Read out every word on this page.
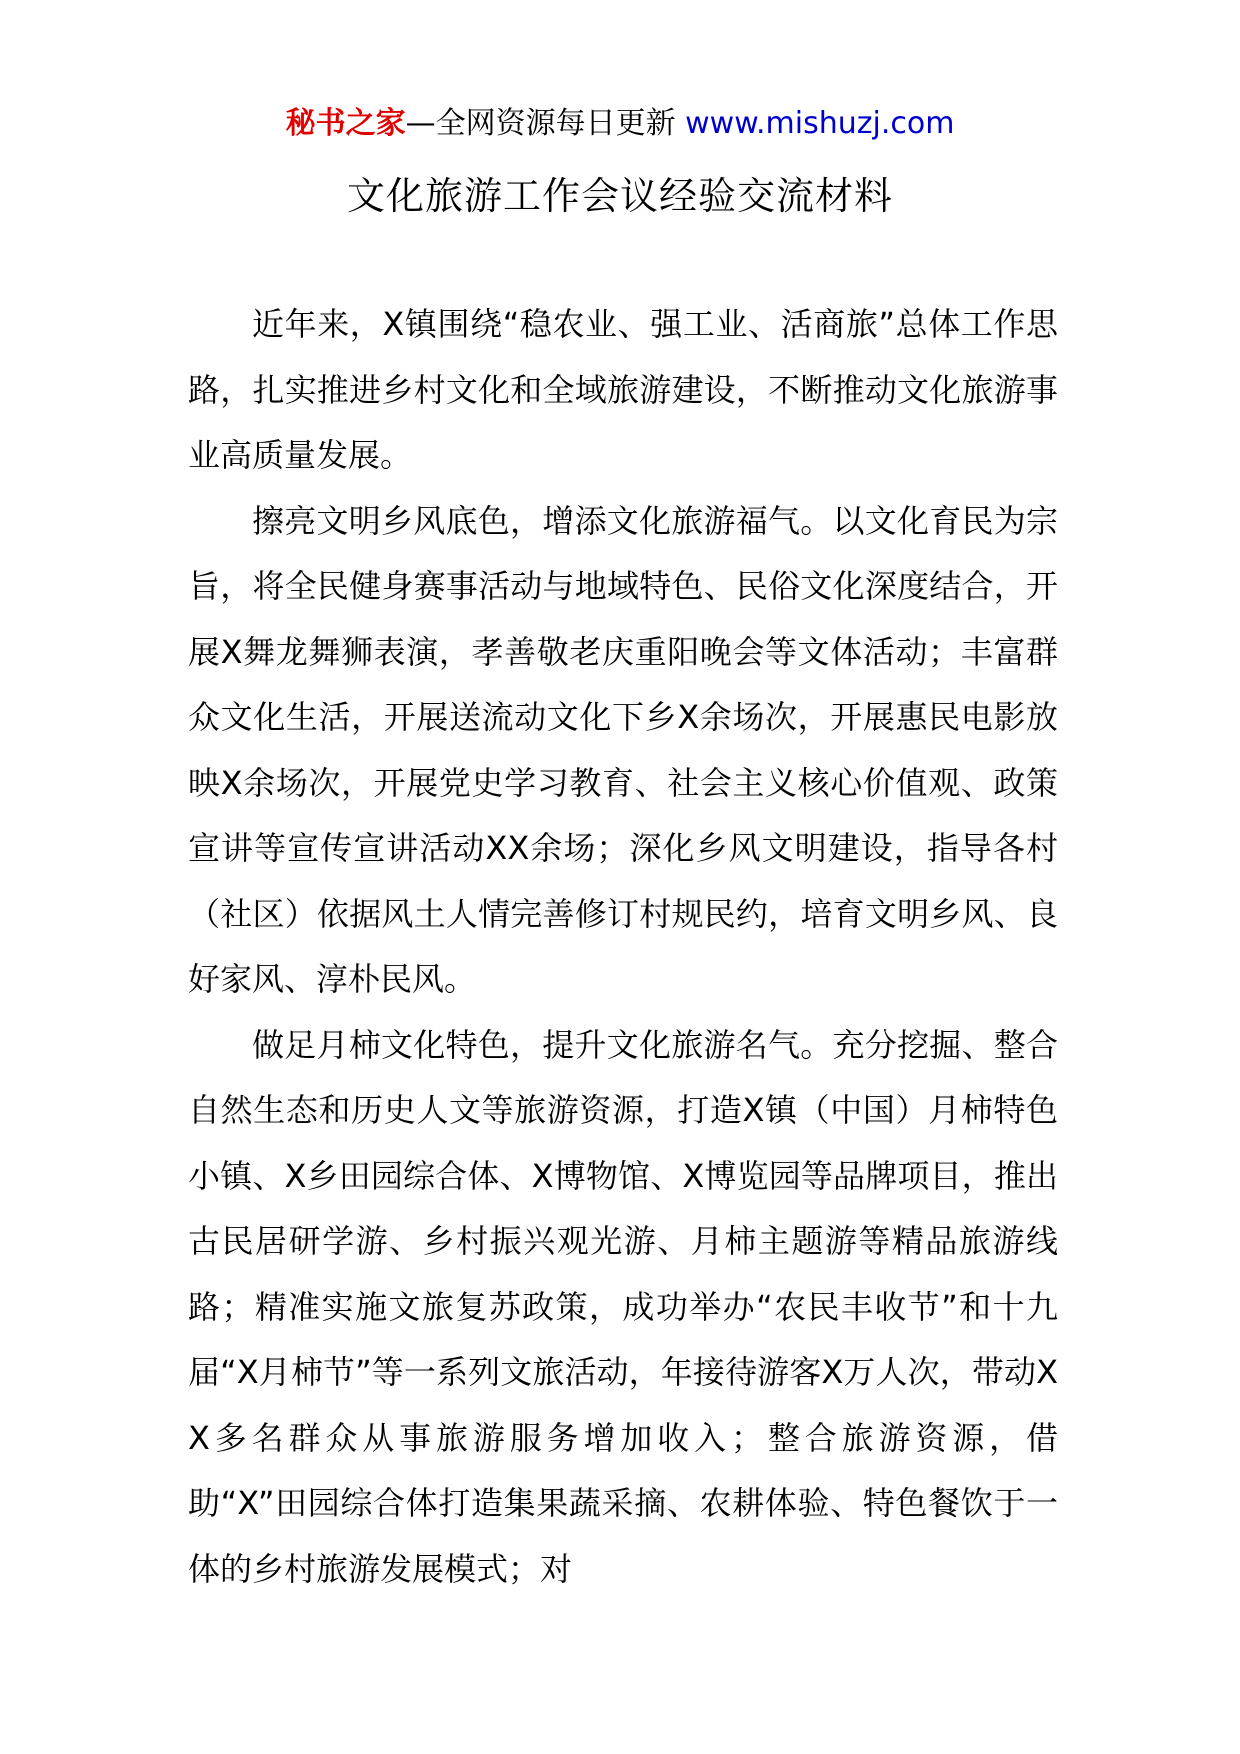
秘书之家—全网资源每日更新 www.mishuzj.com
文化旅游工作会议经验交流材料

近年来，X镇围绕“稳农业、强工业、活商旅”总体工作思路，扎实推进乡村文化和全域旅游建设，不断推动文化旅游事业高质量发展。

擦亮文明乡风底色，增添文化旅游福气。以文化育民为宗旨，将全民健身赛事活动与地域特色、民俗文化深度结合，开展X舞龙舞狮表演，孝善敬老庆重阳晚会等文体活动；丰富群众文化生活，开展送流动文化下乡X余场次，开展惠民电影放映X余场次，开展党史学习教育、社会主义核心价值观、政策宣讲等宣传宣讲活动XX余场；深化乡风文明建设，指导各村（社区）依据风土人情完善修订村规民约，培育文明乡风、良好家风、淳朴民风。

做足月柿文化特色，提升文化旅游名气。充分挖掘、整合自然生态和历史人文等旅游资源，打造X镇（中国）月柿特色小镇、X乡田园综合体、X博物馆、X博览园等品牌项目，推出古民居研学游、乡村振兴观光游、月柿主题游等精品旅游线路；精准实施文旅复苏政策，成功举办“农民丰收节”和十九届“X月柿节”等一系列文旅活动，年接待游客X万人次，带动XX多名群众从事旅游服务增加收入；整合旅游资源，借助“X”田园综合体打造集果蔬采摘、农耕体验、特色餐饮于一体的乡村旅游发展模式；对
